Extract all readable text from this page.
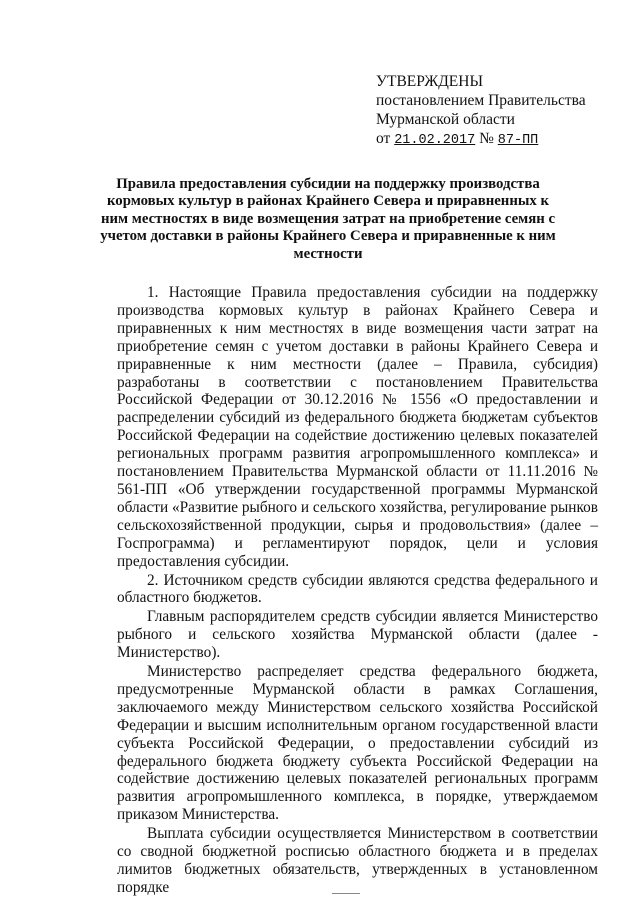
УТВЕРЖДЕНЫ
постановлением Правительства
Мурманской области
от 21.02.2017 № 87-ПП
Правила предоставления субсидии на поддержку производства кормовых культур в районах Крайнего Севера и приравненных к ним местностях в виде возмещения затрат на приобретение семян с учетом доставки в районы Крайнего Севера и приравненные к ним местности

1. Настоящие Правила предоставления субсидии на поддержку производства кормовых культур в районах Крайнего Севера и приравненных к ним местностях в виде возмещения части затрат на приобретение семян с учетом доставки в районы Крайнего Севера и приравненные к ним местности (далее – Правила, субсидия) разработаны в соответствии с постановлением Правительства Российской Федерации от 30.12.2016 № 1556 «О предоставлении и распределении субсидий из федерального бюджета бюджетам субъектов Российской Федерации на содействие достижению целевых показателей региональных программ развития агропромышленного комплекса» и постановлением Правительства Мурманской области от 11.11.2016 № 561-ПП «Об утверждении государственной программы Мурманской области «Развитие рыбного и сельского хозяйства, регулирование рынков сельскохозяйственной продукции, сырья и продовольствия» (далее – Госпрограмма) и регламентируют порядок, цели и условия предоставления субсидии.

2. Источником средств субсидии являются средства федерального и областного бюджетов.

Главным распорядителем средств субсидии является Министерство рыбного и сельского хозяйства Мурманской области (далее - Министерство).

Министерство распределяет средства федерального бюджета, предусмотренные Мурманской области в рамках Соглашения, заключаемого между Министерством сельского хозяйства Российской Федерации и высшим исполнительным органом государственной власти субъекта Российской Федерации, о предоставлении субсидий из федерального бюджета бюджету субъекта Российской Федерации на содействие достижению целевых показателей региональных программ развития агропромышленного комплекса, в порядке, утверждаемом приказом Министерства.

Выплата субсидии осуществляется Министерством в соответствии со сводной бюджетной росписью областного бюджета и в пределах лимитов бюджетных обязательств, утвержденных в установленном порядке
